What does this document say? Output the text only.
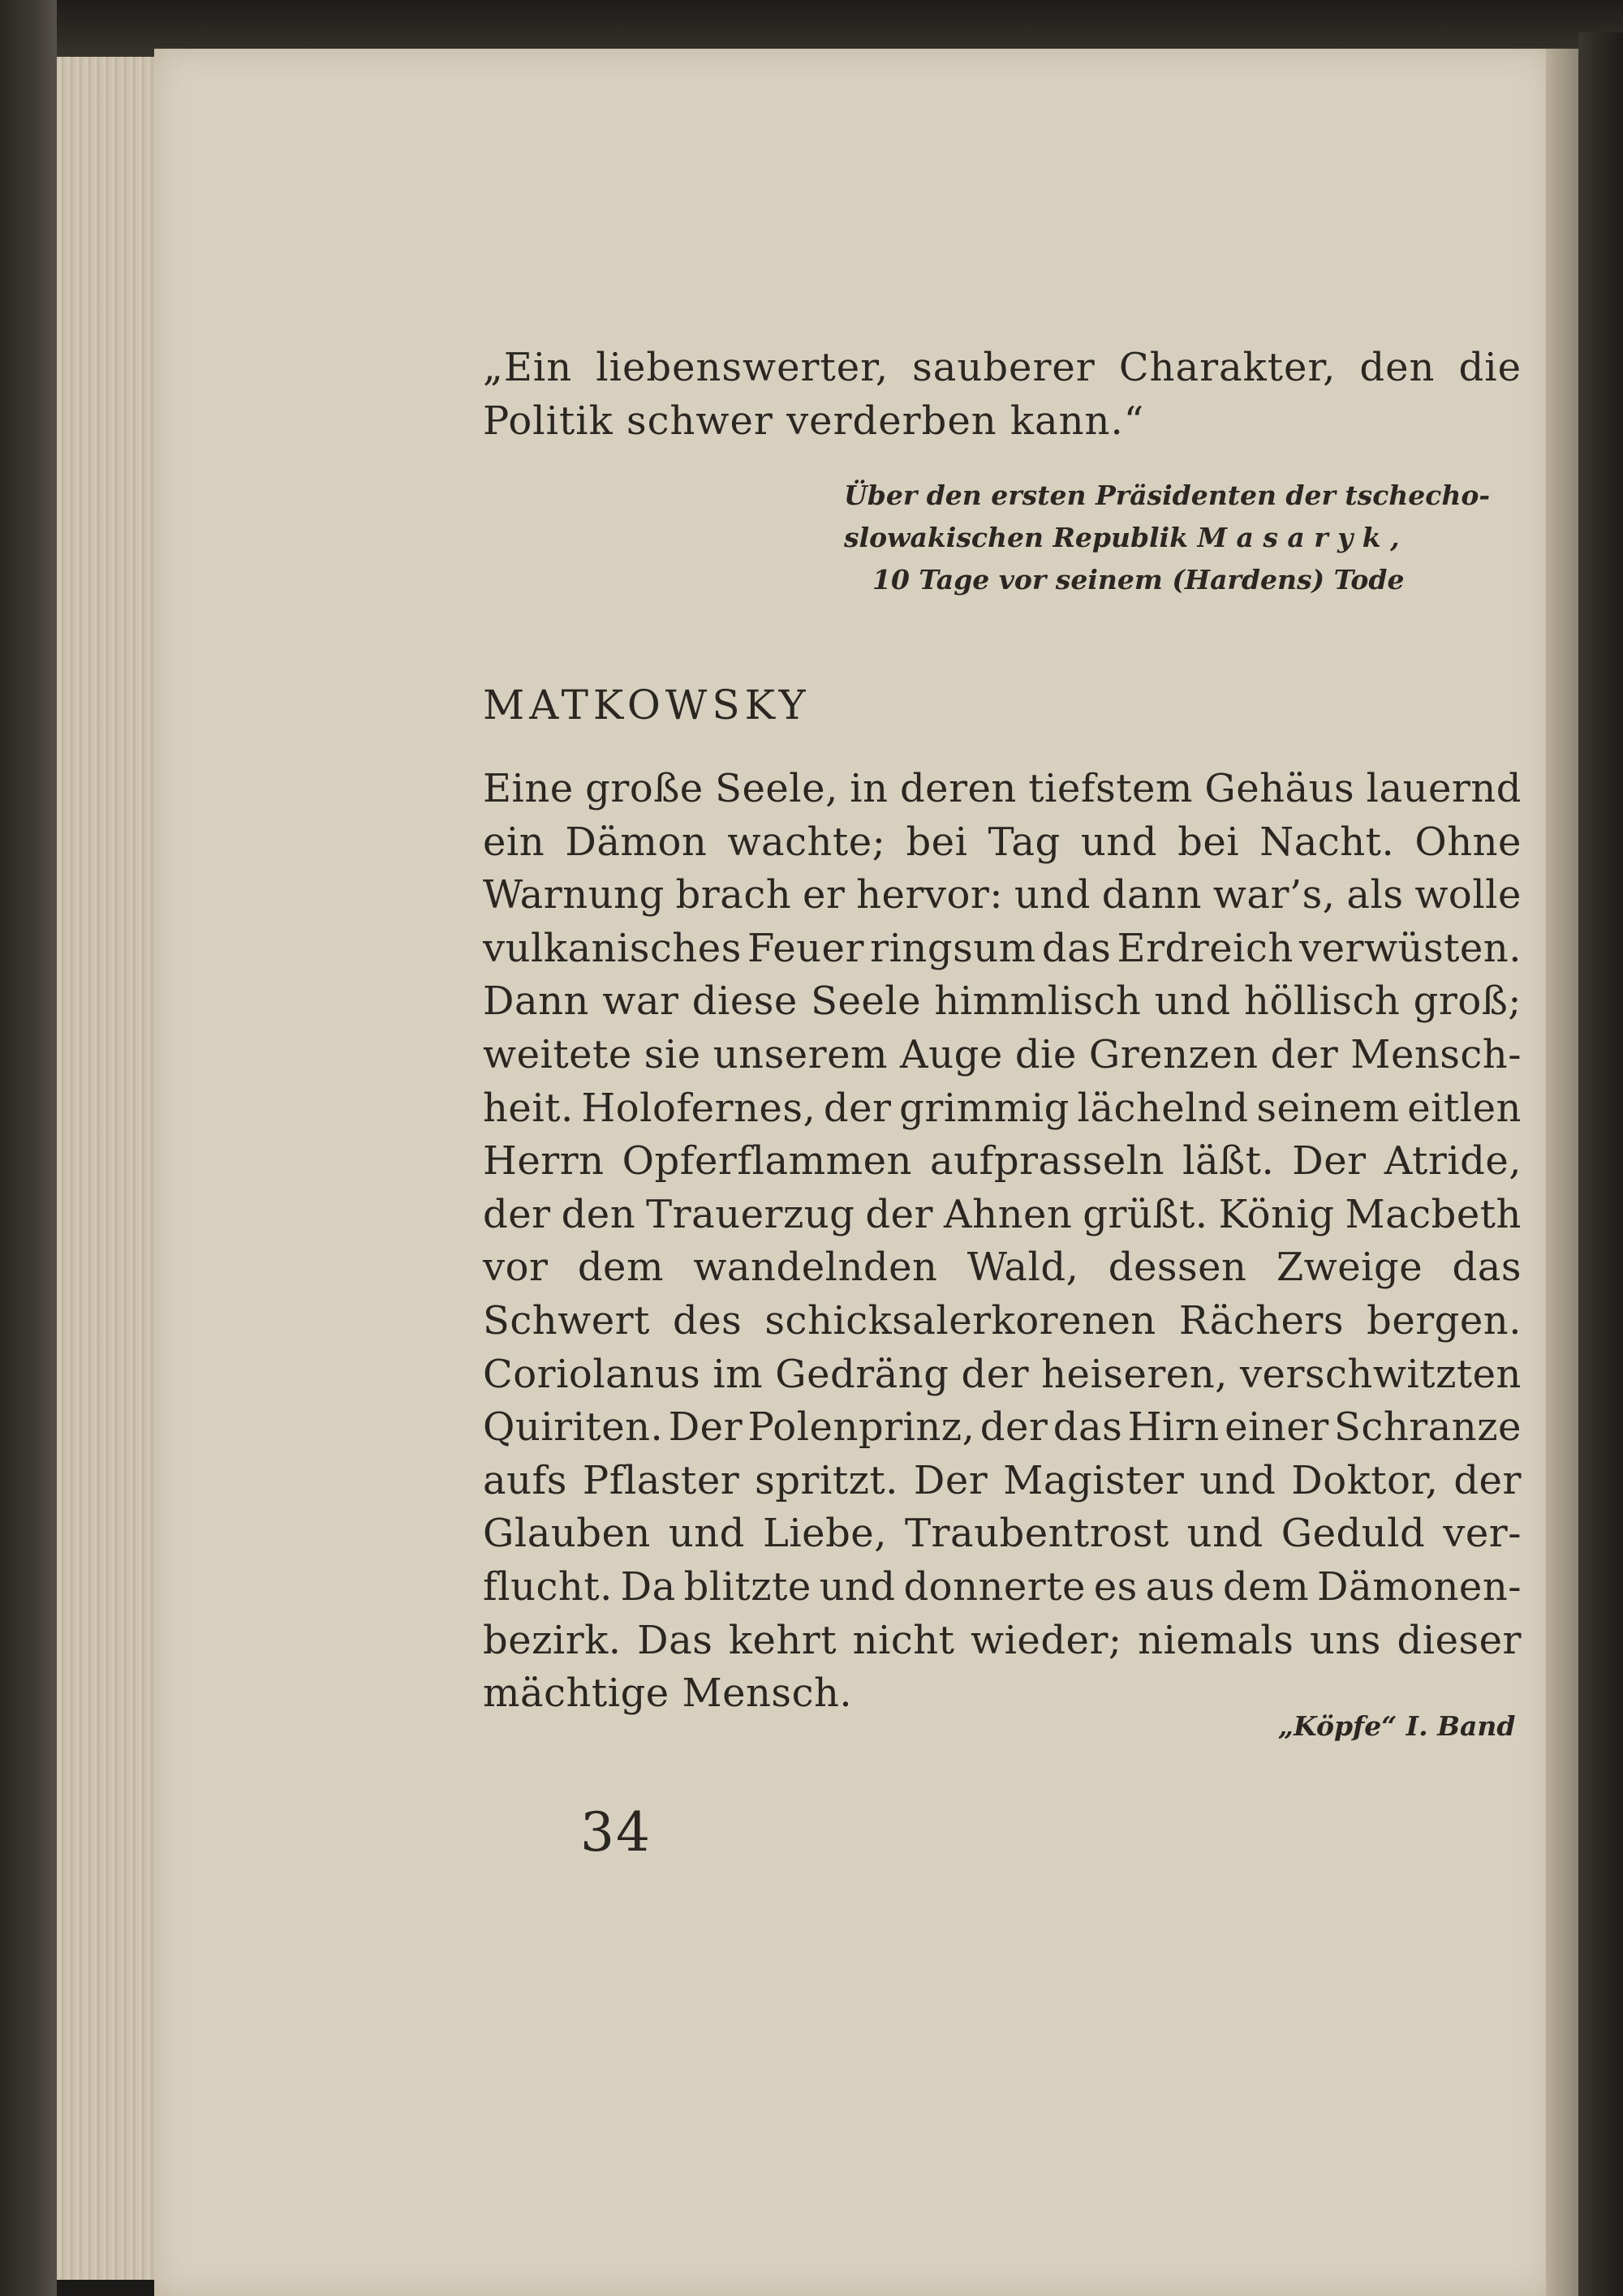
„Ein liebenswerter, sauberer Charakter, den die
Politik schwer verderben kann.“
Über den ersten Präsidenten der tschecho-
slowakischen Republik M a s a r y k ,
10 Tage vor seinem (Hardens) Tode
MATKOWSKY
Eine große Seele, in deren tiefstem Gehäus lauernd
ein Dämon wachte; bei Tag und bei Nacht. Ohne
Warnung brach er hervor: und dann war’s, als wolle
vulkanisches Feuer ringsum das Erdreich verwüsten.
Dann war diese Seele himmlisch und höllisch groß;
weitete sie unserem Auge die Grenzen der Mensch-
heit. Holofernes, der grimmig lächelnd seinem eitlen
Herrn Opferflammen aufprasseln läßt. Der Atride,
der den Trauerzug der Ahnen grüßt. König Macbeth
vor dem wandelnden Wald, dessen Zweige das
Schwert des schicksalerkorenen Rächers bergen.
Coriolanus im Gedräng der heiseren, verschwitzten
Quiriten. Der Polenprinz, der das Hirn einer Schranze
aufs Pflaster spritzt. Der Magister und Doktor, der
Glauben und Liebe, Traubentrost und Geduld ver-
flucht. Da blitzte und donnerte es aus dem Dämonen-
bezirk. Das kehrt nicht wieder; niemals uns dieser
mächtige Mensch.
„Köpfe“ I. Band
34
